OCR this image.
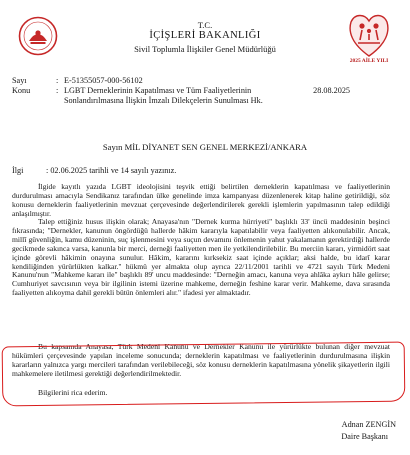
2025 AİLE YILI
T.C.
İÇİŞLERİ BAKANLIĞI
Sivil Toplumla İlişkiler Genel Müdürlüğü
Sayı	: E-51355057-000-56102
Konu	: LGBT Derneklerinin Kapatılması ve Tüm Faaliyetlerinin Sonlandırılmasına İlişkin İmzalı Dilekçelerin Sunulması Hk.
28.08.2025
Sayın MİL DİYANET SEN GENEL MERKEZİ/ANKARA
İlgi	: 02.06.2025 tarihli ve 14 sayılı yazınız.

İlgide kayıtlı yazıda LGBT ideolojisini teşvik ettiği belirtilen derneklerin kapatılması ve faaliyetlerinin durdurulması amacıyla Sendikanız tarafından ülke genelinde imza kampanyası düzenlenerek kitap haline getirildiği, söz konusu derneklerin faaliyetlerinin mevzuat çerçevesinde değerlendirilerek gerekli işlemlerin yapılmasının talep edildiği anlaşılmıştır.

Talep ettiğiniz husus ilişkin olarak; Anayasa'nın "Dernek kurma hürriyeti" başlıklı 33' üncü maddesinin beşinci fıkrasında; "Dernekler, kanunun öngördüğü hallerde hâkim kararıyla kapatılabilir veya faaliyetten alıkonulabilir. Ancak, millî güvenliğin, kamu düzeninin, suç işlenmesini veya suçun devamını önlemenin yahut yakalamanın gerektirdiği hallerde gecikmede sakınca varsa, kanunla bir merci, derneği faaliyetten men ile yetkilendirilebilir. Bu merciin kararı, yirmidört saat içinde görevli hâkimin onayına sunulur. Hâkim, kararını kırksekiz saat içinde açıklar; aksi halde, bu idarî karar kendiliğinden yürürlükten kalkar." hükmü yer almakta olup ayrıca 22/11/2001 tarihli ve 4721 sayılı Türk Medeni Kanunu'nun "Mahkeme kararı ile" başlıklı 89' uncu maddesinde: "Derneğin amacı, kanuna veya ahlâka aykırı hâle gelirse; Cumhuriyet savcısının veya bir ilgilinin istemi üzerine mahkeme, derneğin feshine karar verir. Mahkeme, dava sırasında faaliyetten alıkoyma dahil gerekli bütün önlemleri alır." ifadesi yer almaktadır.

Bu kapsamda Anayasa, Türk Medeni Kanunu ve Dernekler Kanunu ile yürürlükte bulunan diğer mevzuat hükümleri çerçevesinde yapılan inceleme sonucunda; derneklerin kapatılması ve faaliyetlerinin durdurulmasına ilişkin kararların yalnızca yargı mercileri tarafından verilebileceği, söz konusu derneklerin kapatılmasına yönelik şikayetlerin ilgili mahkemelere iletilmesi gerektiği değerlendirilmektedir.

Bilgilerini rica ederim.

Adnan ZENGİN
Daire Başkanı
